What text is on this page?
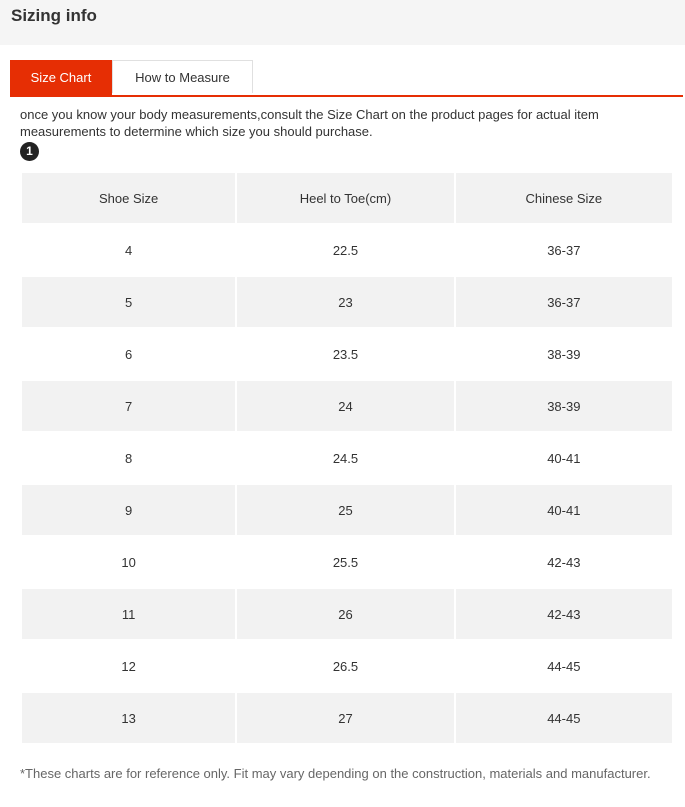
Sizing info
Size Chart	How to Measure
once you know your body measurements,consult the Size Chart on the product pages for actual item measurements to determine which size you should purchase.
1
Shoe Size	Heel to Toe(cm)	Chinese Size
4	22.5	36-37
5	23	36-37
6	23.5	38-39
7	24	38-39
8	24.5	40-41
9	25	40-41
10	25.5	42-43
11	26	42-43
12	26.5	44-45
13	27	44-45
*These charts are for reference only. Fit may vary depending on the construction, materials and manufacturer.
